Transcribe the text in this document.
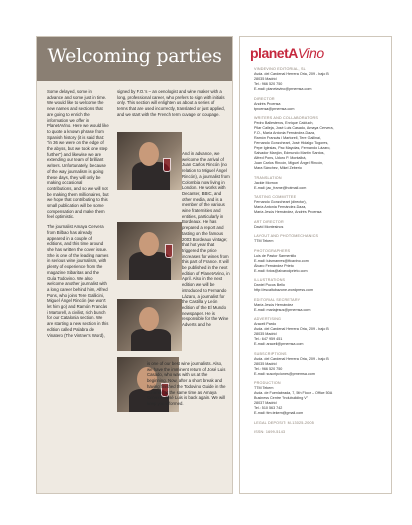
Welcoming parties

Some delayed, some in advance and some just in time. We would like to welcome the new names and sections that are going to enrich the information we offer in PlanetAVino. Here we would like to quote a known phrase from Spanish history (it is said that: "in 36 we were on the edge of the abyss, but we took one step further") and likewise we are extending our team of brilliant writers. Unfortunately, because of the way journalism is going these days, they will only be making occasional contributions, and so we will not be making them millionaires, but we hope that contributing to this small publication will be some compensation and make them feel optimistic.

The journalist Amaya Cervera from Bilbao has already appeared in a couple of editions, and this time around she has written the cover issue. She is one of the leading names in serious wine journalism, with plenty of experience from the magazine Sibaritas and the Guía Todovino. We also welcome another journalist with a long career behind him, Alfred Pons, who joins Tere Gallicini, Miguel Ángel Rincón (we won't let him go) and Ramón Francàs i Martorell, a civilist, rich bunch for our Catalonia section. We are starting a new section in this edition called Palabra de Vinatero (The Vintner's Word),

signed by F.O.'s – an oenologist and wine maker with a long, professional career, who prefers to sign with initials only. This section will enlighten us about a series of terms that are used incorrectly, translated or just applied, and we start with the French term cuvage or coupage.

And in advance, we welcome the arrival of Juan Carlos Rincón (no relation to Miguel Ángel Rincón), a journalist from Colombia now living in London. He works with Decanter, BBIC, and other media, and is a member of the various wine fraternities and entities, particularly in Bordeaux. He has prepared a report and tasting on the famous 2003 Bordeaux vintage; that hot year that triggered the price increases for wines from this part of France. It will be published in the next edition of PlanetAVino, in April. Also in the next edition we will be introduced to Fernando Lázaro, a journalist for the Castilla y León edition of the El Mundo newspaper. He is responsible for the Wine Adverts and he

is one of our best wine journalists. Also, we have the imminent return of José Luis Casado, who was with us at the beginning. Now, after a short break and having finished the Todovino Guide in the summer, at the same time as Amaya Cervera, José Luis is back again. We will keep you informed.

planetAVino
VINDEVINO EDITORIAL, SL
Avda. del Cardenal Herrera Oria, 209 - bajo B
28035 Madrid
Tel.: 966 520 750
E-mail: planetavino@prnemsa.com
DIRECTOR
Andrés Proensa
tproensa@prnemsa.com
WRITERS AND COLLABORATORS
Pedro Ballesteros, Enrique Calduch,
Pilar Calleja, José Luis Casado, Amaya Cervera,
F.O., María Antonia Fernández-Daza,
Ramón Francàs i Martorell, Tere Gallinaí,
Fernando Gonzcheart, José Hidalgo Togores,
Pepe Iglesias, Pac Mayolas, Fernando Lázaro,
Salvador Manjón, Edmundo Martín Santos,
Alfred Pons, Udoro P. Montalbá,
Juan Carlos Rincón, Miguel Ángel Rincón,
Mara Sánchez, Mikel Zeberio
TRANSLATION
Jackie Morrow
E-mail: jac_frame@hotmail.com
TASTING COMMITTEE
Fernando Gonzcheart (director),
María Antonia Fernández-Daza,
María Jesús Hernández, Andrés Proensa
ART DIRECTOR
David Montesinos
LAYOUT AND PHOTOMECHANICS
TTM Tekem
PHOTOGRAPHERS
Luis de Pastor Sarmentilo
E-mail: luismanres@tfcavino.com
Álvaro Fernández Prieto
E-mail: fotos@alvarodprieto.com
ILLUSTRATIONS
Daniel Pucos Bello
http://escaltubazone.wordpress.com
EDITORIAL SECRETARY
María Jesús Hernández
E-mail: mariajesus@prnemsa.com
ADVERTISING
Araceli Pardo
Avda. del Cardenal Herrera Oria, 209 - bajo B
28035 Madrid
Tel.: 647 959 451
E-mail: araceli@prnemsa.com
SUBSCRIPTIONS
Avda. del Cardenal Herrera Oria, 209 - bajo B
28035 Madrid
Tel.: 966 520 750
E-mail: suscripciones@prnemsa.com
PRODUCTION
TTM Tekem
Avda. de Fuenlabrada, 7, 5th Floor – Office 50A
Business Centre "Indubuilding V"
28037 Madrid
Tel.: 510 563 742
E-mail: ttm.tekem@gmail.com
LEGAL DEPOSIT: M-13025-2005
ISSN: 1699-5143
